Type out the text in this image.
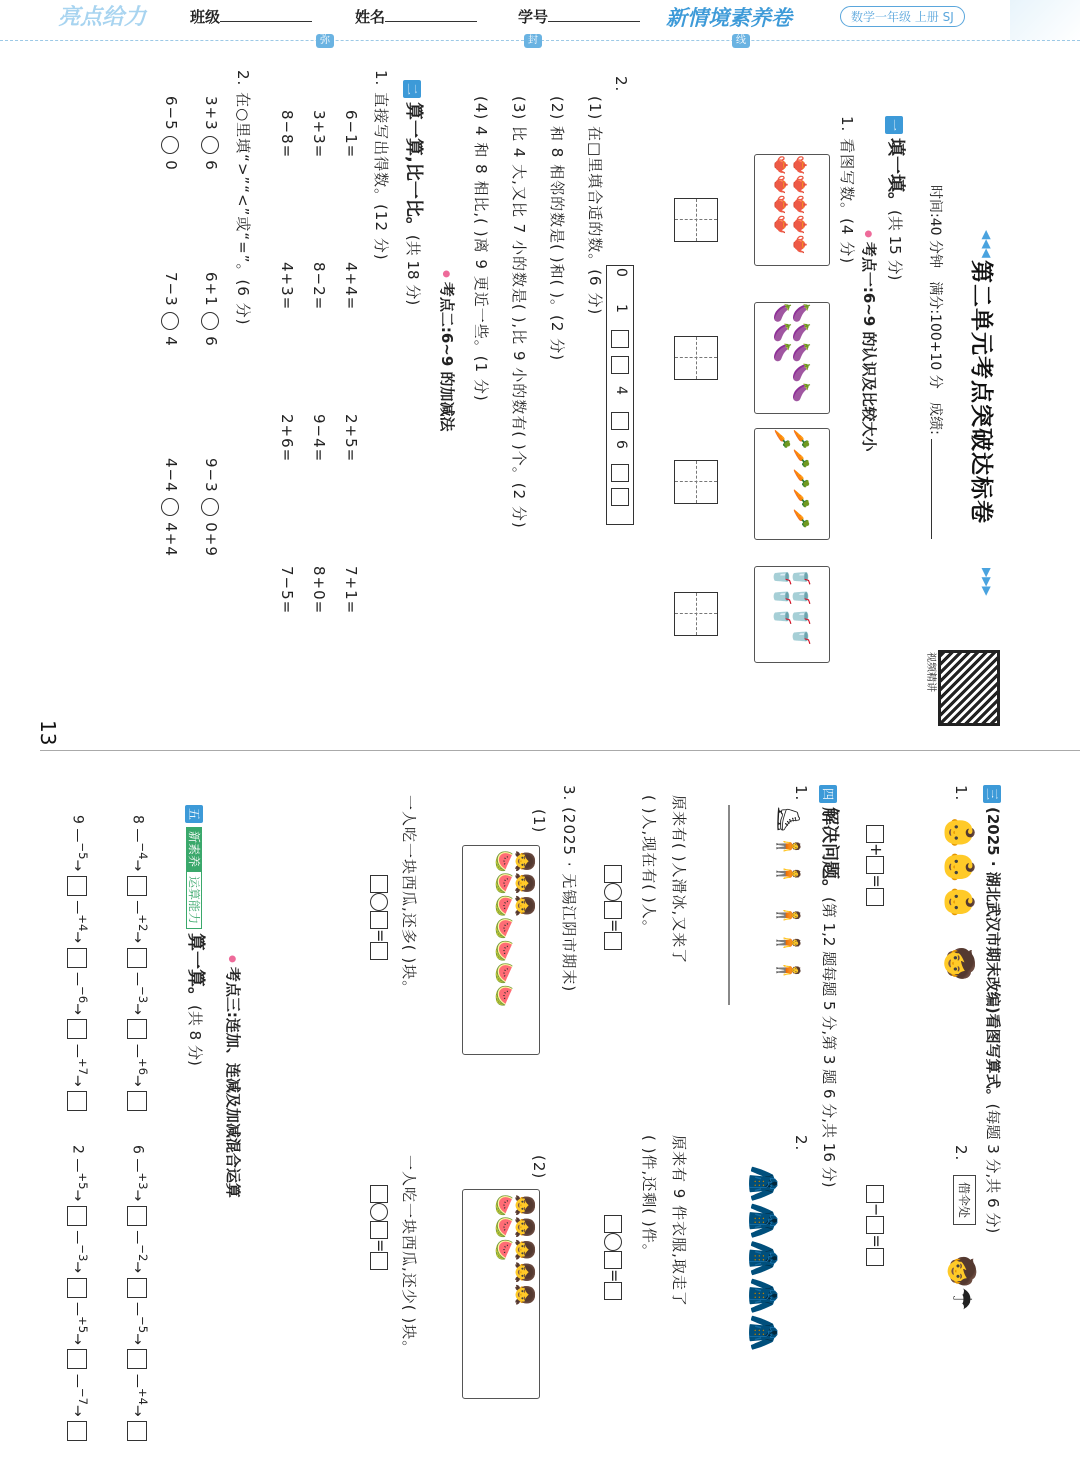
亮点给力	班级	姓名	学号	新情境素养卷	数学一年级 上册 SJ
弥	封	线
◀◀◀
第二单元考点突破达标卷
▶▶▶
时间:40 分钟   满分:100+10 分   成绩:
视频精讲
一填一填。(共 15 分)
● 考点一:6~9 的认识及比较大小
1. 看图写数。(4 分)
🫖🫖🫖🫖🫖🫖🫖🫖🫖
🍆🍆🍆🍆🍆🍆🍆🍆
🥕🥕🥕🥕🥕🥕
🥤🥤🥤🥤🥤🥤🥤
2.
(1) 在□里填合适的数。(6 分) 0
1
4
6
(2) 和 8 相邻的数是( )和( )。(2 分)
(3) 比 4 大,又比 7 小的数是( ),比 9 小的数有( )个。(2 分)
(4) 4 和 8 相比,( )离 9 更近一些。(1 分)
● 考点二:6~9 的加减法
二算一算,比一比。(共 18 分)
1. 直接写出得数。(12 分)
6−1=
4+4=
2+5=
7+1=
3+3=
8−2=
9−4=
8+0=
8−8=
4+3=
2+6=
7−5=
2. 在○里填“>”“<”或“=”。(6 分)
3+3  6
6+1  6
9−3  0+9
6−5  0
7−3  4
4−4  4+4
13
三(2025 · 湖北武汉市期末改编)看图写算式。(每题 3 分,共 6 分)
1.
👶👶👶   🧒
+=
2.
借伞处
🧒☂
−=
四解决问题。(第 1,2 题每题 5 分,第 3 题 6 分,共 16 分)
1.
⛸🧍🧍  🧍🧍🧍
原来有( )人滑冰,又来了
( )人,现在有( )人。
=
2.
🧥🧥🧥🧥🧥
原来有 9 件衣服,取走了
( )件,还剩( )件。
=
3. (2025 · 无锡江阴市期末)
(1)
👧👧👧
🍉🍉🍉🍉🍉🍉🍉
(2)
👧👧👧👧👧
🍉🍉🍉
一人吃一块西瓜,还多( )块。
一人吃一块西瓜,还少( )块。
=
=
● 考点三:连加、连减及加减混合运算
五新素养运算能力算一算。(共 8 分)
8 —$^{-4}$→  —$^{+2}$→  —$^{-3}$→  —$^{+6}$→
6 —$^{+3}$→  —$^{-2}$→  —$^{-5}$→  —$^{+4}$→
9 —$^{-5}$→  —$^{+4}$→  —$^{-6}$→  —$^{+7}$→
2 —$^{+5}$→  —$^{-3}$→  —$^{+5}$→  —$^{-7}$→
